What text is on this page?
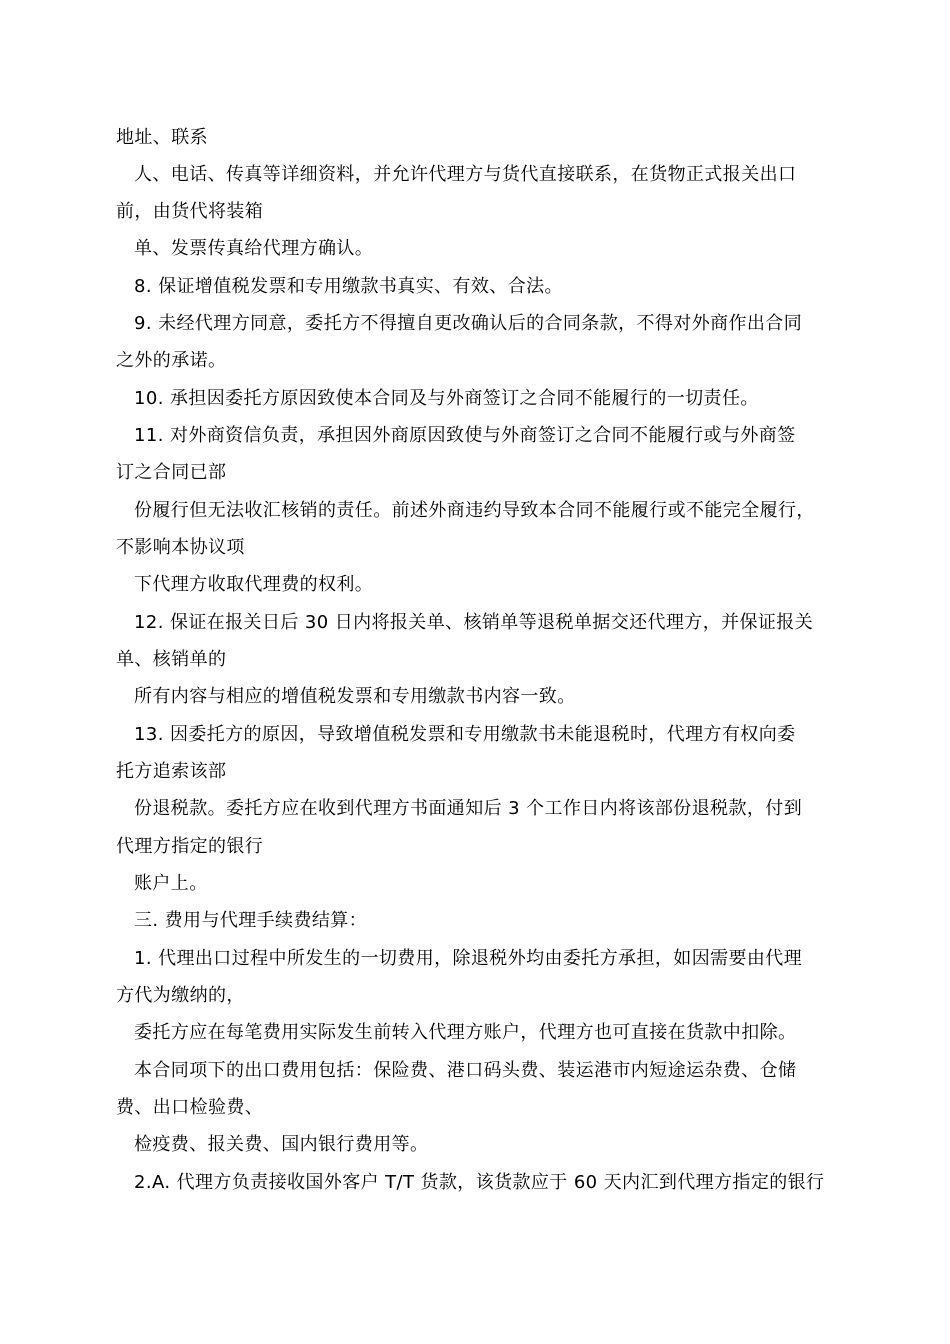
地址、联系
人、电话、传真等详细资料，并允许代理方与货代直接联系，在货物正式报关出口
前，由货代将装箱
单、发票传真给代理方确认。
8. 保证增值税发票和专用缴款书真实、有效、合法。
9. 未经代理方同意，委托方不得擅自更改确认后的合同条款，不得对外商作出合同
之外的承诺。
10. 承担因委托方原因致使本合同及与外商签订之合同不能履行的一切责任。
11. 对外商资信负责，承担因外商原因致使与外商签订之合同不能履行或与外商签
订之合同已部
份履行但无法收汇核销的责任。前述外商违约导致本合同不能履行或不能完全履行，
不影响本协议项
下代理方收取代理费的权利。
12. 保证在报关日后 30 日内将报关单、核销单等退税单据交还代理方，并保证报关
单、核销单的
所有内容与相应的增值税发票和专用缴款书内容一致。
13. 因委托方的原因，导致增值税发票和专用缴款书未能退税时，代理方有权向委
托方追索该部
份退税款。委托方应在收到代理方书面通知后 3 个工作日内将该部份退税款，付到
代理方指定的银行
账户上。
三. 费用与代理手续费结算：
1. 代理出口过程中所发生的一切费用，除退税外均由委托方承担，如因需要由代理
方代为缴纳的，
委托方应在每笔费用实际发生前转入代理方账户，代理方也可直接在货款中扣除。
本合同项下的出口费用包括：保险费、港口码头费、装运港市内短途运杂费、仓储
费、出口检验费、
检疫费、报关费、国内银行费用等。
2.A. 代理方负责接收国外客户 T/T 货款，该货款应于 60 天内汇到代理方指定的银行
